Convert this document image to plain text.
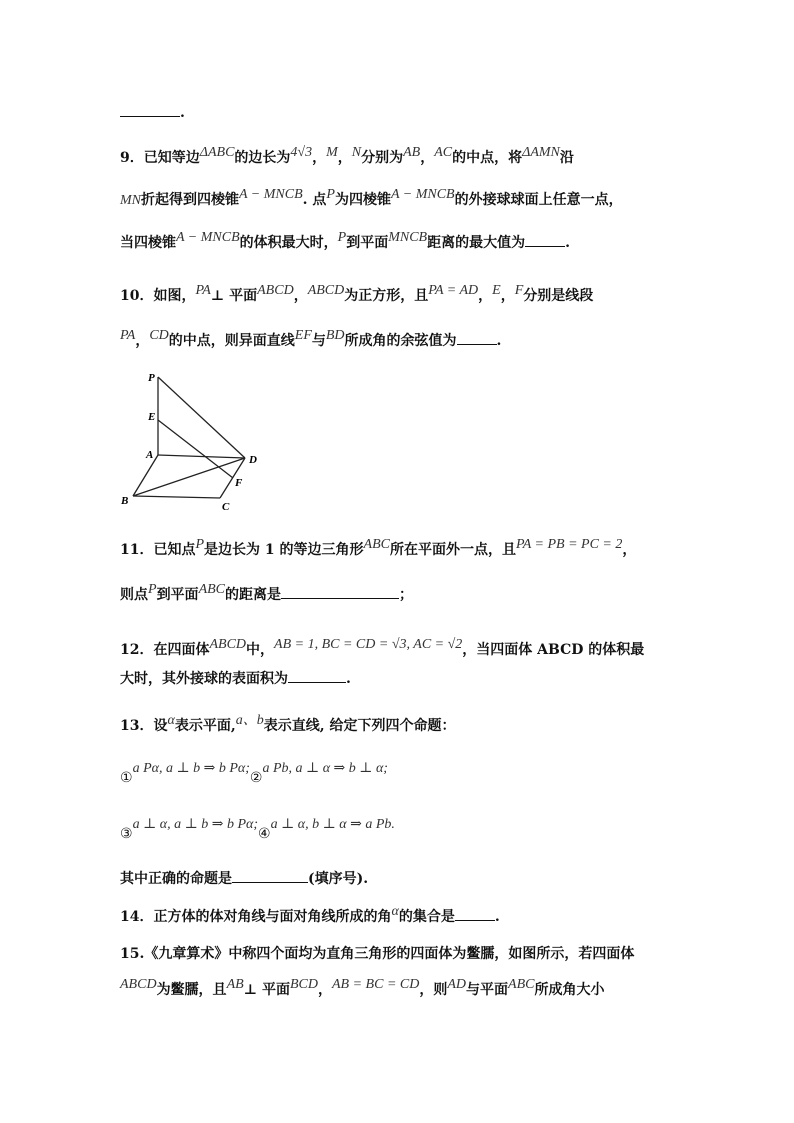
.
9．已知等边ΔABC的边长为4√3，M，N分别为AB，AC的中点，将ΔAMN沿
MN折起得到四棱锥A − MNCB. 点P为四棱锥A − MNCB的外接球球面上任意一点，
当四棱锥A − MNCB的体积最大时，P到平面MNCB距离的最大值为	.
10．如图，PA⊥ 平面ABCD，ABCD为正方形，且PA = AD，E，F分别是线段
PA，CD的中点，则异面直线EF与BD所成角的余弦值为	.
P
E
A	D
F
B	C
11．已知点P是边长为 1 的等边三角形ABC所在平面外一点，且PA = PB = PC = 2，
则点P到平面ABC的距离是	；
12．在四面体ABCD中，AB = 1, BC = CD = √3, AC = √2，当四面体 ABCD 的体积最
大时，其外接球的表面积为	.
13．设α表示平面,a、b表示直线, 给定下列四个命题：
①a Pα, a ⊥ b ⇒ b Pα;②a Pb, a ⊥ α ⇒ b ⊥ α;
③a ⊥ α, a ⊥ b ⇒ b Pα;④a ⊥ α, b ⊥ α ⇒ a Pb.
其中正确的命题是	(填序号).
14．正方体的体对角线与面对角线所成的角α的集合是	.
15.《九章算术》中称四个面均为直角三角形的四面体为鳖臑，如图所示，若四面体
ABCD为鳖臑，且AB⊥ 平面BCD，AB = BC = CD，则AD与平面ABC所成角大小
